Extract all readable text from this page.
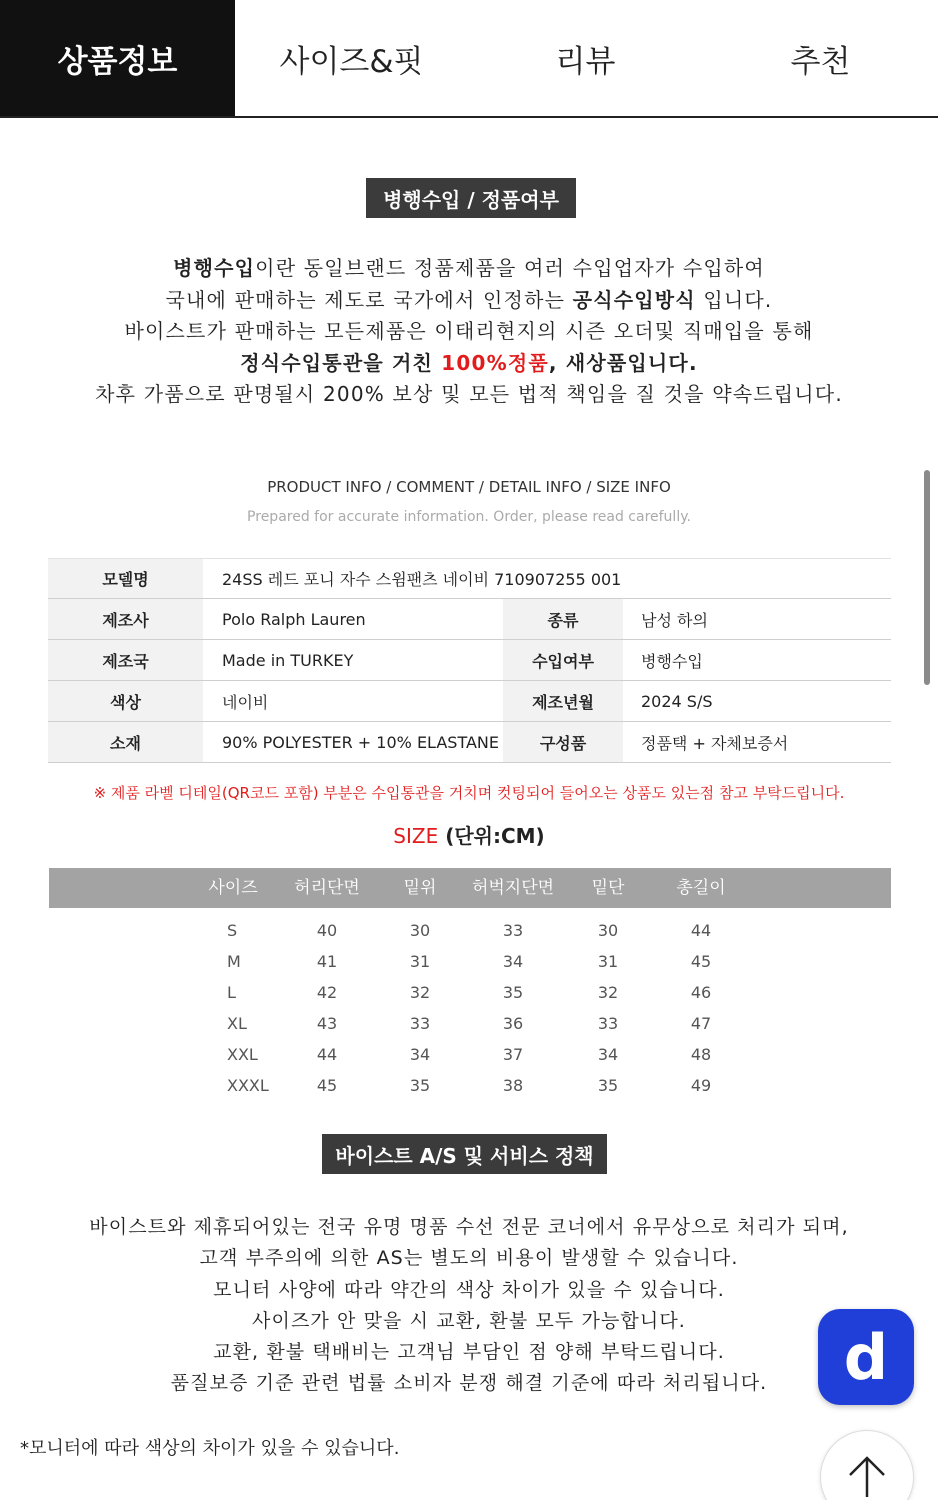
상품정보	사이즈&핏	리뷰	추천
병행수입 / 정품여부
병행수입이란 동일브랜드 정품제품을 여러 수입업자가 수입하여
국내에 판매하는 제도로 국가에서 인정하는 공식수입방식 입니다.
바이스트가 판매하는 모든제품은 이태리현지의 시즌 오더및 직매입을 통해
정식수입통관을 거친 100%정품, 새상품입니다.
차후 가품으로 판명될시 200% 보상 및 모든 법적 책임을 질 것을 약속드립니다.
PRODUCT INFO / COMMENT / DETAIL INFO / SIZE INFO
Prepared for accurate information. Order, please read carefully.
모델명	24SS 레드 포니 자수 스윔팬츠 네이비 710907255 001		
제조사	Polo Ralph Lauren	종류	남성 하의
제조국	Made in TURKEY	수입여부	병행수입
색상	네이비	제조년월	2024 S/S
소재	90% POLYESTER + 10% ELASTANE	구성품	정품택 + 자체보증서
※ 제품 라벨 디테일(QR코드 포함) 부분은 수입통관을 거치며 컷팅되어 들어오는 상품도 있는점 참고 부탁드립니다.
SIZE (단위:CM)
사이즈	허리단면	밑위	허벅지단면	밑단	총길이
S	40	30	33	30	44
M	41	31	34	31	45
L	42	32	35	32	46
XL	43	33	36	33	47
XXL	44	34	37	34	48
XXXL	45	35	38	35	49
바이스트 A/S 및 서비스 정책
바이스트와 제휴되어있는 전국 유명 명품 수선 전문 코너에서 유무상으로 처리가 되며,
고객 부주의에 의한 AS는 별도의 비용이 발생할 수 있습니다.
모니터 사양에 따라 약간의 색상 차이가 있을 수 있습니다.
사이즈가 안 맞을 시 교환, 환불 모두 가능합니다.
교환, 환불 택배비는 고객님 부담인 점 양해 부탁드립니다.
품질보증 기준 관련 법률 소비자 분쟁 해결 기준에 따라 처리됩니다.
*모니터에 따라 색상의 차이가 있을 수 있습니다.
d
